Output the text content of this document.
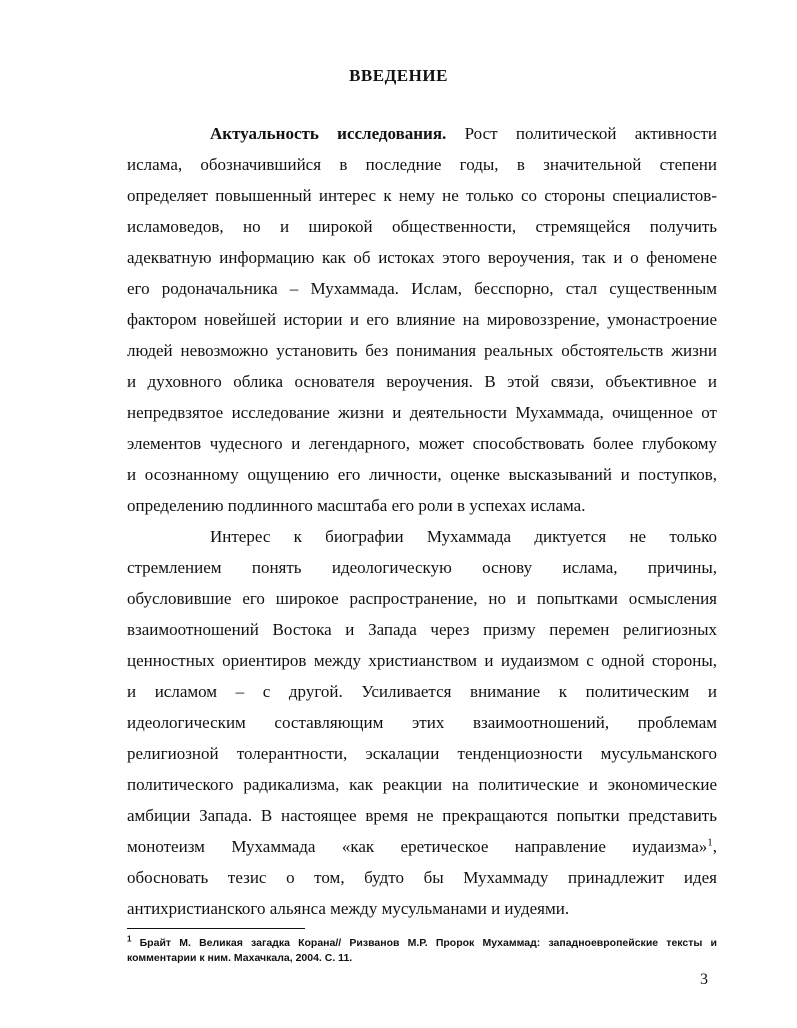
ВВЕДЕНИЕ
Актуальность исследования. Рост политической активности
ислама, обозначившийся в последние годы, в значительной степени
определяет повышенный интерес к нему не только со стороны специалистов-
исламоведов, но и широкой общественности, стремящейся получить
адекватную информацию как об истоках этого вероучения, так и о феномене
его родоначальника – Мухаммада. Ислам, бесспорно, стал существенным
фактором новейшей истории и его влияние на мировоззрение, умонастроение
людей невозможно установить без понимания реальных обстоятельств жизни
и духовного облика основателя вероучения. В этой связи, объективное и
непредвзятое исследование жизни и деятельности Мухаммада, очищенное от
элементов чудесного и легендарного, может способствовать более глубокому
и осознанному ощущению его личности, оценке высказываний и поступков,
определению подлинного масштаба его роли в успехах ислама.
Интерес к биографии Мухаммада диктуется не только
стремлением понять идеологическую основу ислама, причины,
обусловившие его широкое распространение, но и попытками осмысления
взаимоотношений Востока и Запада через призму перемен религиозных
ценностных ориентиров между христианством и иудаизмом с одной стороны,
и исламом – с другой. Усиливается внимание к политическим и
идеологическим составляющим этих взаимоотношений, проблемам
религиозной толерантности, эскалации тенденциозности мусульманского
политического радикализма, как реакции на политические и экономические
амбиции Запада. В настоящее время не прекращаются попытки представить
монотеизм Мухаммада «как еретическое направление иудаизма»$^1$,
обосновать тезис о том, будто бы Мухаммаду принадлежит идея
антихристианского альянса между мусульманами и иудеями.
$^1$ Брайт М. Великая загадка Корана// Ризванов М.Р. Пророк Мухаммад: западноевропейские тексты и
комментарии к ним. Махачкала, 2004. С. 11.
3
